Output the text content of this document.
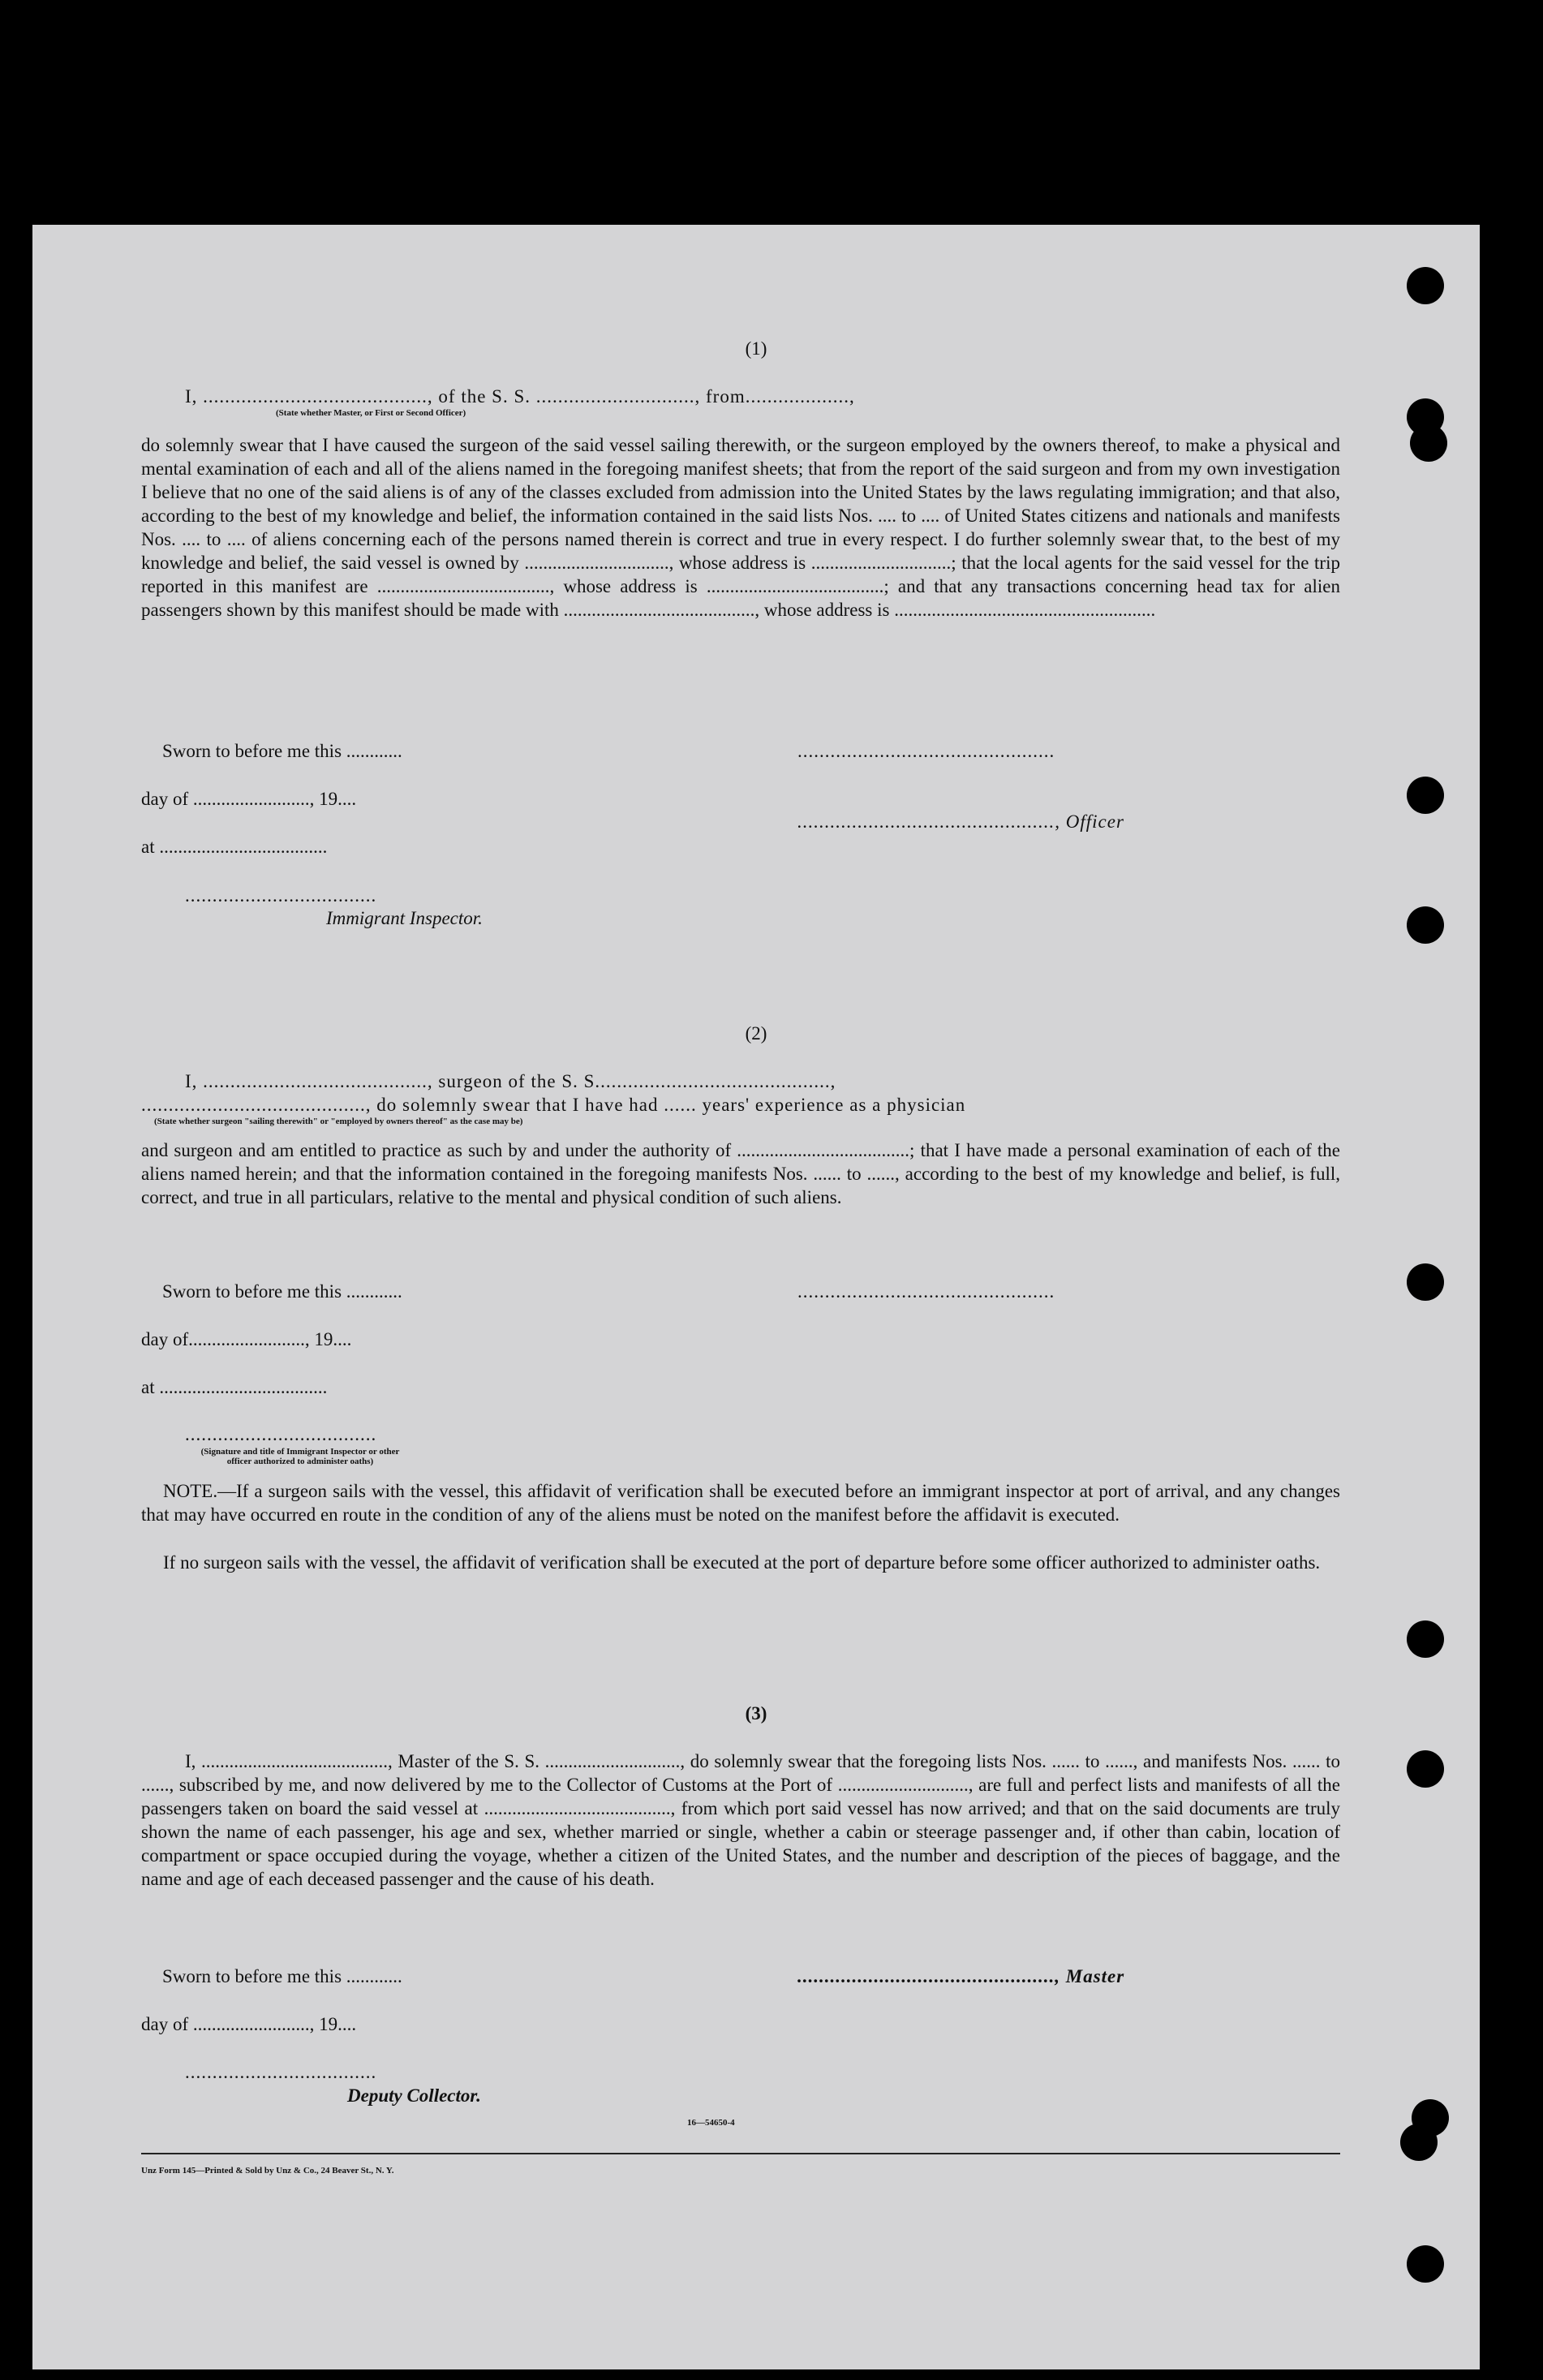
(1)
I, ........................................., of the S. S. ............................., from...................,
(State whether Master, or First or Second Officer)
do solemnly swear that I have caused the surgeon of the said vessel sailing therewith, or the surgeon employed by the owners thereof, to make a physical and mental examination of each and all of the aliens named in the foregoing manifest sheets; that from the report of the said surgeon and from my own investigation I believe that no one of the said aliens is of any of the classes excluded from admission into the United States by the laws regulating immigration; and that also, according to the best of my knowledge and belief, the information contained in the said lists Nos. .... to .... of United States citizens and nationals and manifests Nos. .... to .... of aliens concerning each of the persons named therein is correct and true in every respect. I do further solemnly swear that, to the best of my knowledge and belief, the said vessel is owned by ..............................., whose address is ..............................; that the local agents for the said vessel for the trip reported in this manifest are ....................................., whose address is ......................................; and that any transactions concerning head tax for alien passengers shown by this manifest should be made with ........................................., whose address is ........................................................
Sworn to before me this ............	...............................................
day of ........................., 19....
..............................................., Officer
at ....................................
...................................
Immigrant Inspector.
(2)
I, ........................................., surgeon of the S. S...........................................,
........................................., do solemnly swear that I have had ...... years' experience as a physician
(State whether surgeon "sailing therewith" or "employed by owners thereof" as the case may be)
and surgeon and am entitled to practice as such by and under the authority of .....................................; that I have made a personal examination of each of the aliens named herein; and that the information contained in the foregoing manifests Nos. ...... to ......, according to the best of my knowledge and belief, is full, correct, and true in all particulars, relative to the mental and physical condition of such aliens.
Sworn to before me this ............	...............................................
day of........................., 19....
at ....................................
...................................
(Signature and title of Immigrant Inspector or other officer authorized to administer oaths)
NOTE.—If a surgeon sails with the vessel, this affidavit of verification shall be executed before an immigrant inspector at port of arrival, and any changes that may have occurred en route in the condition of any of the aliens must be noted on the manifest before the affidavit is executed.
If no surgeon sails with the vessel, the affidavit of verification shall be executed at the port of departure before some officer authorized to administer oaths.
(3)
I, ........................................, Master of the S. S. ............................., do solemnly swear that the foregoing lists Nos. ...... to ......, and manifests Nos. ...... to ......, subscribed by me, and now delivered by me to the Collector of Customs at the Port of ............................, are full and perfect lists and manifests of all the passengers taken on board the said vessel at ........................................, from which port said vessel has now arrived; and that on the said documents are truly shown the name of each passenger, his age and sex, whether married or single, whether a cabin or steerage passenger and, if other than cabin, location of compartment or space occupied during the voyage, whether a citizen of the United States, and the number and description of the pieces of baggage, and the name and age of each deceased passenger and the cause of his death.
Sworn to before me this ............	..............................................., Master
day of ........................., 19....
...................................
Deputy Collector.
16—54650-4
Unz Form 145—Printed & Sold by Unz & Co., 24 Beaver St., N. Y.
